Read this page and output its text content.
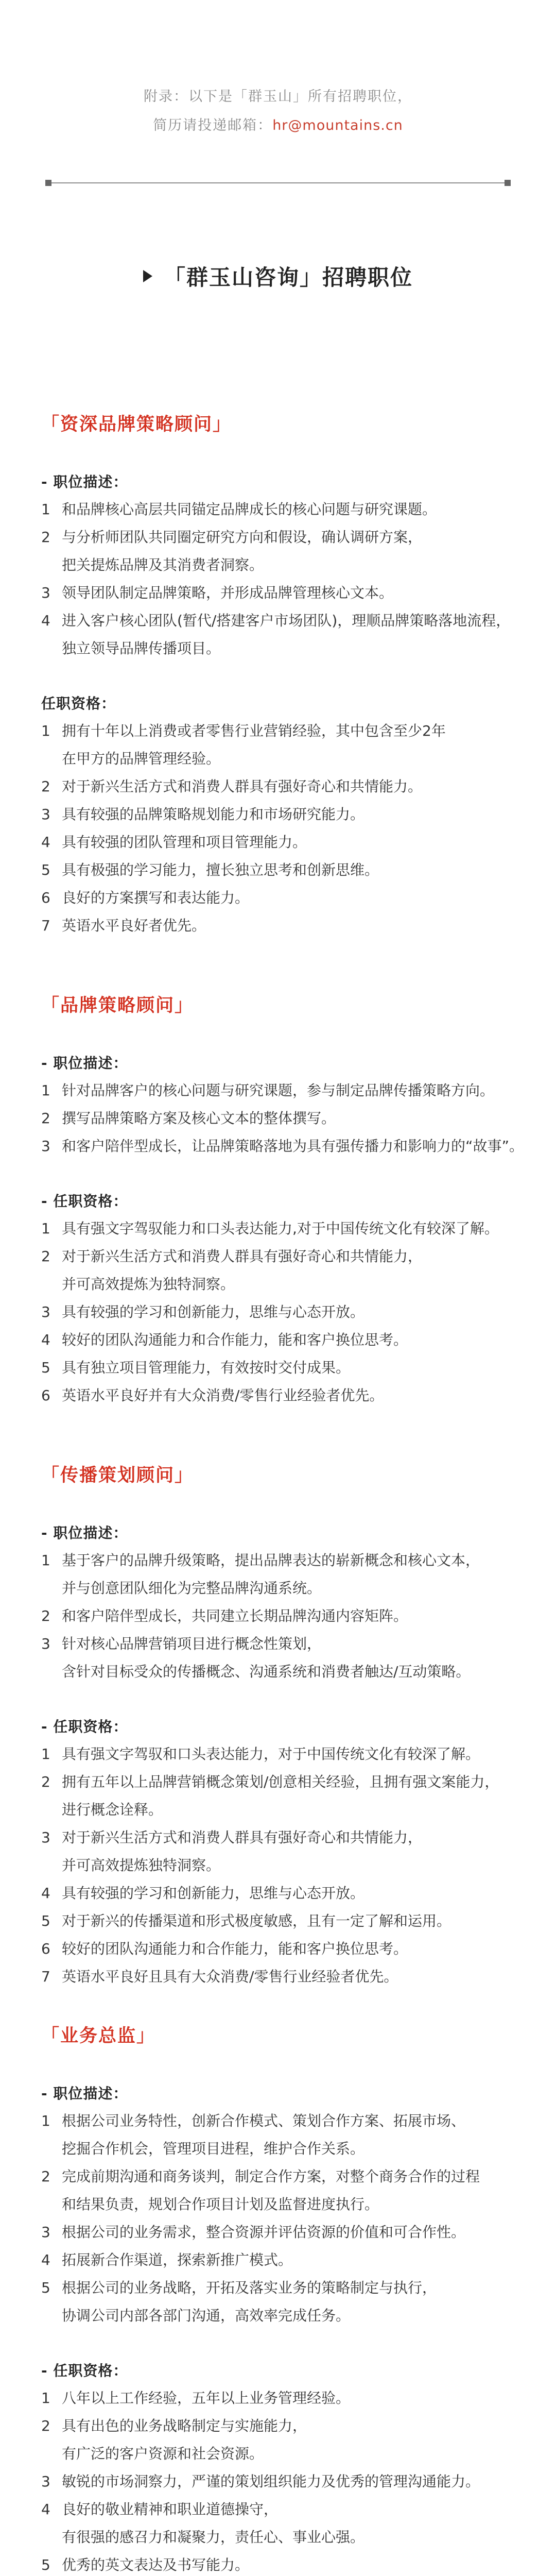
附录：以下是「群玉山」所有招聘职位，
简历请投递邮箱：hr@mountains.cn
「群玉山咨询」招聘职位
「资深品牌策略顾问」
- 职位描述：
1 和品牌核心高层共同锚定品牌成长的核心问题与研究课题。
2 与分析师团队共同圈定研究方向和假设，确认调研方案，
把关提炼品牌及其消费者洞察。
3 领导团队制定品牌策略，并形成品牌管理核心文本。
4 进入客户核心团队(暂代/搭建客户市场团队)，理顺品牌策略落地流程，
独立领导品牌传播项目。
任职资格：
1 拥有十年以上消费或者零售行业营销经验，其中包含至少2年
在甲方的品牌管理经验。
2 对于新兴生活方式和消费人群具有强好奇心和共情能力。
3 具有较强的品牌策略规划能力和市场研究能力。
4 具有较强的团队管理和项目管理能力。
5 具有极强的学习能力，擅长独立思考和创新思维。
6 良好的方案撰写和表达能力。
7 英语水平良好者优先。
「品牌策略顾问」
- 职位描述：
1 针对品牌客户的核心问题与研究课题，参与制定品牌传播策略方向。
2 撰写品牌策略方案及核心文本的整体撰写。
3 和客户陪伴型成长，让品牌策略落地为具有强传播力和影响力的“故事”。
- 任职资格：
1 具有强文字驾驭能力和口头表达能力,对于中国传统文化有较深了解。
2 对于新兴生活方式和消费人群具有强好奇心和共情能力，
并可高效提炼为独特洞察。
3 具有较强的学习和创新能力，思维与心态开放。
4 较好的团队沟通能力和合作能力，能和客户换位思考。
5 具有独立项目管理能力，有效按时交付成果。
6 英语水平良好并有大众消费/零售行业经验者优先。
「传播策划顾问」
- 职位描述：
1 基于客户的品牌升级策略，提出品牌表达的崭新概念和核心文本，
并与创意团队细化为完整品牌沟通系统。
2 和客户陪伴型成长，共同建立长期品牌沟通内容矩阵。
3 针对核心品牌营销项目进行概念性策划，
含针对目标受众的传播概念、沟通系统和消费者触达/互动策略。
- 任职资格：
1 具有强文字驾驭和口头表达能力，对于中国传统文化有较深了解。
2 拥有五年以上品牌营销概念策划/创意相关经验，且拥有强文案能力，
进行概念诠释。
3 对于新兴生活方式和消费人群具有强好奇心和共情能力，
并可高效提炼独特洞察。
4 具有较强的学习和创新能力，思维与心态开放。
5 对于新兴的传播渠道和形式极度敏感，且有一定了解和运用。
6 较好的团队沟通能力和合作能力，能和客户换位思考。
7 英语水平良好且具有大众消费/零售行业经验者优先。
「业务总监」
- 职位描述：
1 根据公司业务特性，创新合作模式、策划合作方案、拓展市场、
挖掘合作机会，管理项目进程，维护合作关系。
2 完成前期沟通和商务谈判，制定合作方案，对整个商务合作的过程
和结果负责，规划合作项目计划及监督进度执行。
3 根据公司的业务需求，整合资源并评估资源的价值和可合作性。
4 拓展新合作渠道，探索新推广模式。
5 根据公司的业务战略，开拓及落实业务的策略制定与执行，
协调公司内部各部门沟通，高效率完成任务。
- 任职资格：
1 八年以上工作经验，五年以上业务管理经验。
2 具有出色的业务战略制定与实施能力，
有广泛的客户资源和社会资源。
3 敏锐的市场洞察力，严谨的策划组织能力及优秀的管理沟通能力。
4 良好的敬业精神和职业道德操守，
有很强的感召力和凝聚力，责任心、事业心强。
5 优秀的英文表达及书写能力。
